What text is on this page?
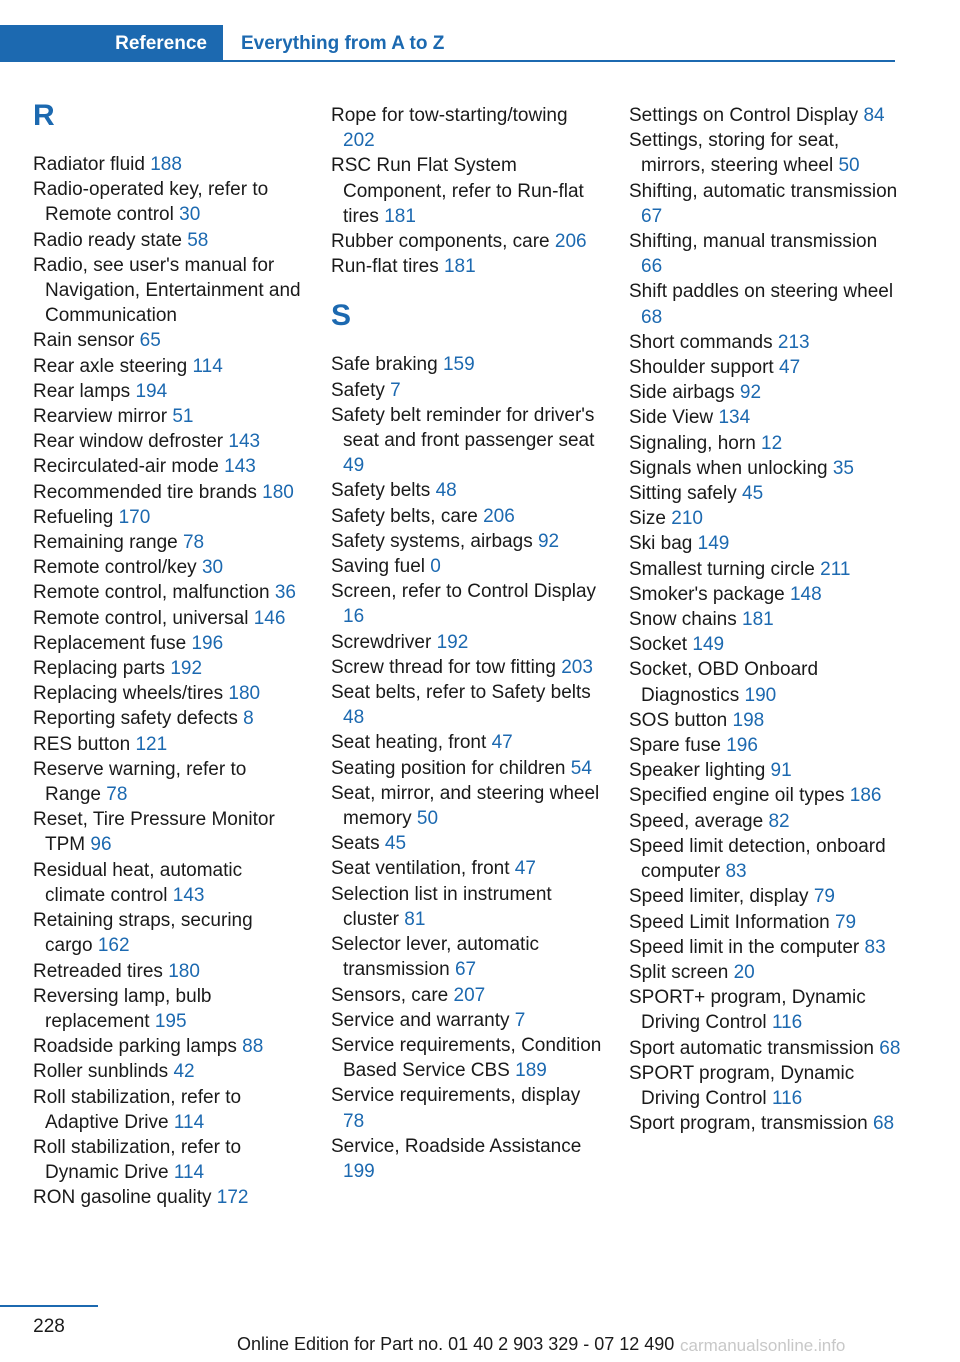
Reference	Everything from A to Z
R
Radiator fluid 188
Radio-operated key, refer to Remote control 30
Radio ready state 58
Radio, see user's manual for Navigation, Entertainment and Communication
Rain sensor 65
Rear axle steering 114
Rear lamps 194
Rearview mirror 51
Rear window defroster 143
Recirculated-air mode 143
Recommended tire brands 180
Refueling 170
Remaining range 78
Remote control/key 30
Remote control, malfunction 36
Remote control, universal 146
Replacement fuse 196
Replacing parts 192
Replacing wheels/tires 180
Reporting safety defects 8
RES button 121
Reserve warning, refer to Range 78
Reset, Tire Pressure Monitor TPM 96
Residual heat, automatic climate control 143
Retaining straps, securing cargo 162
Retreaded tires 180
Reversing lamp, bulb replacement 195
Roadside parking lamps 88
Roller sunblinds 42
Roll stabilization, refer to Adaptive Drive 114
Roll stabilization, refer to Dynamic Drive 114
RON gasoline quality 172
Rope for tow-starting/towing 202
RSC Run Flat System Component, refer to Run-flat tires 181
Rubber components, care 206
Run-flat tires 181
S
Safe braking 159
Safety 7
Safety belt reminder for driver's seat and front passenger seat 49
Safety belts 48
Safety belts, care 206
Safety systems, airbags 92
Saving fuel 0
Screen, refer to Control Display 16
Screwdriver 192
Screw thread for tow fitting 203
Seat belts, refer to Safety belts 48
Seat heating, front 47
Seating position for children 54
Seat, mirror, and steering wheel memory 50
Seats 45
Seat ventilation, front 47
Selection list in instrument cluster 81
Selector lever, automatic transmission 67
Sensors, care 207
Service and warranty 7
Service requirements, Condition Based Service CBS 189
Service requirements, display 78
Service, Roadside Assistance 199
Settings on Control Display 84
Settings, storing for seat, mirrors, steering wheel 50
Shifting, automatic transmission 67
Shifting, manual transmission 66
Shift paddles on steering wheel 68
Short commands 213
Shoulder support 47
Side airbags 92
Side View 134
Signaling, horn 12
Signals when unlocking 35
Sitting safely 45
Size 210
Ski bag 149
Smallest turning circle 211
Smoker's package 148
Snow chains 181
Socket 149
Socket, OBD Onboard Diagnostics 190
SOS button 198
Spare fuse 196
Speaker lighting 91
Specified engine oil types 186
Speed, average 82
Speed limit detection, onboard computer 83
Speed limiter, display 79
Speed Limit Information 79
Speed limit in the computer 83
Split screen 20
SPORT+ program, Dynamic Driving Control 116
Sport automatic transmission 68
SPORT program, Dynamic Driving Control 116
Sport program, transmission 68
228
Online Edition for Part no. 01 40 2 903 329 - 07 12 490 carmanualsonline.info
